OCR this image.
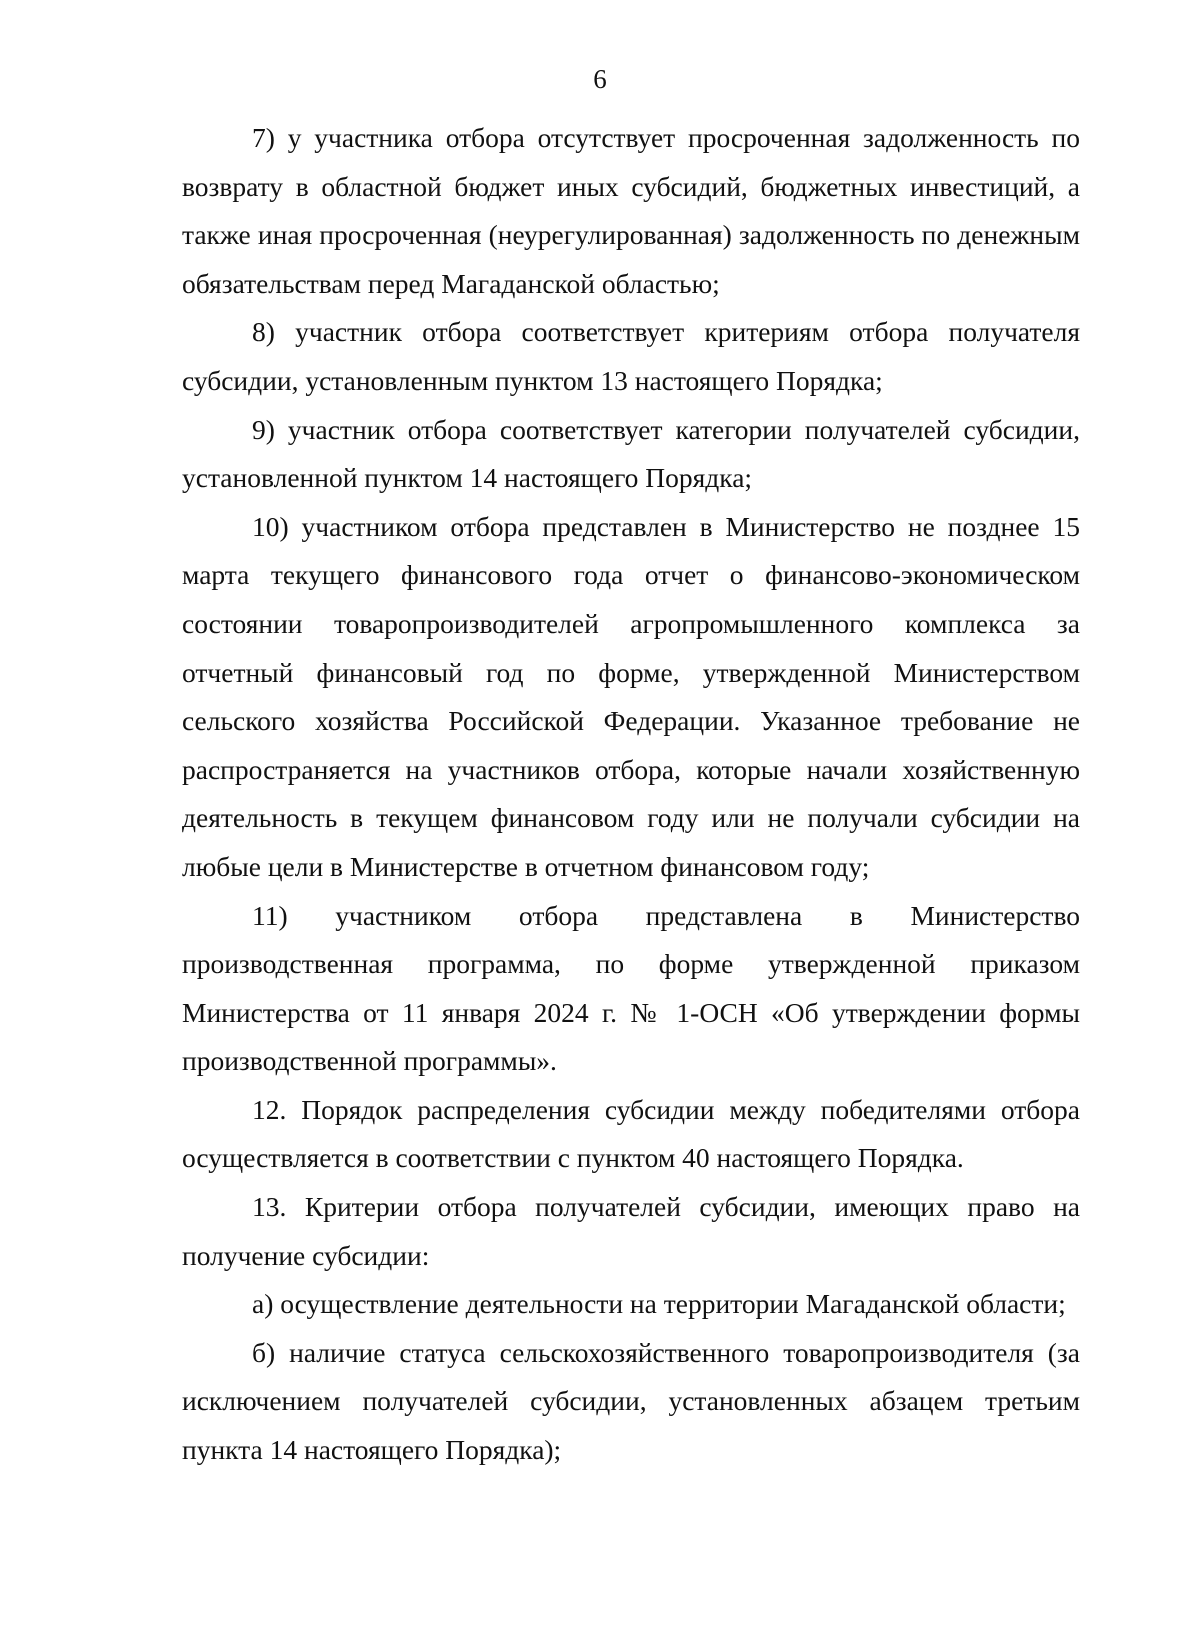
6

7) у участника отбора отсутствует просроченная задолженность по возврату в областной бюджет иных субсидий, бюджетных инвестиций, а также иная просроченная (неурегулированная) задолженность по денежным обязательствам перед Магаданской областью;

8) участник отбора соответствует критериям отбора получателя субсидии, установленным пунктом 13 настоящего Порядка;

9) участник отбора соответствует категории получателей субсидии, установленной пунктом 14 настоящего Порядка;

10) участником отбора представлен в Министерство не позднее 15 марта текущего финансового года отчет о финансово-экономическом состоянии товаропроизводителей агропромышленного комплекса за отчетный финансовый год по форме, утвержденной Министерством сельского хозяйства Российской Федерации. Указанное требование не распространяется на участников отбора, которые начали хозяйственную деятельность в текущем финансовом году или не получали субсидии на любые цели в Министерстве в отчетном финансовом году;

11) участником отбора представлена в Министерство производственная программа, по форме утвержденной приказом Министерства от 11 января 2024 г. № 1-ОСН «Об утверждении формы производственной программы».

12. Порядок распределения субсидии между победителями отбора осуществляется в соответствии с пунктом 40 настоящего Порядка.

13. Критерии отбора получателей субсидии, имеющих право на получение субсидии:

а) осуществление деятельности на территории Магаданской области;

б) наличие статуса сельскохозяйственного товаропроизводителя (за исключением получателей субсидии, установленных абзацем третьим пункта 14 настоящего Порядка);
